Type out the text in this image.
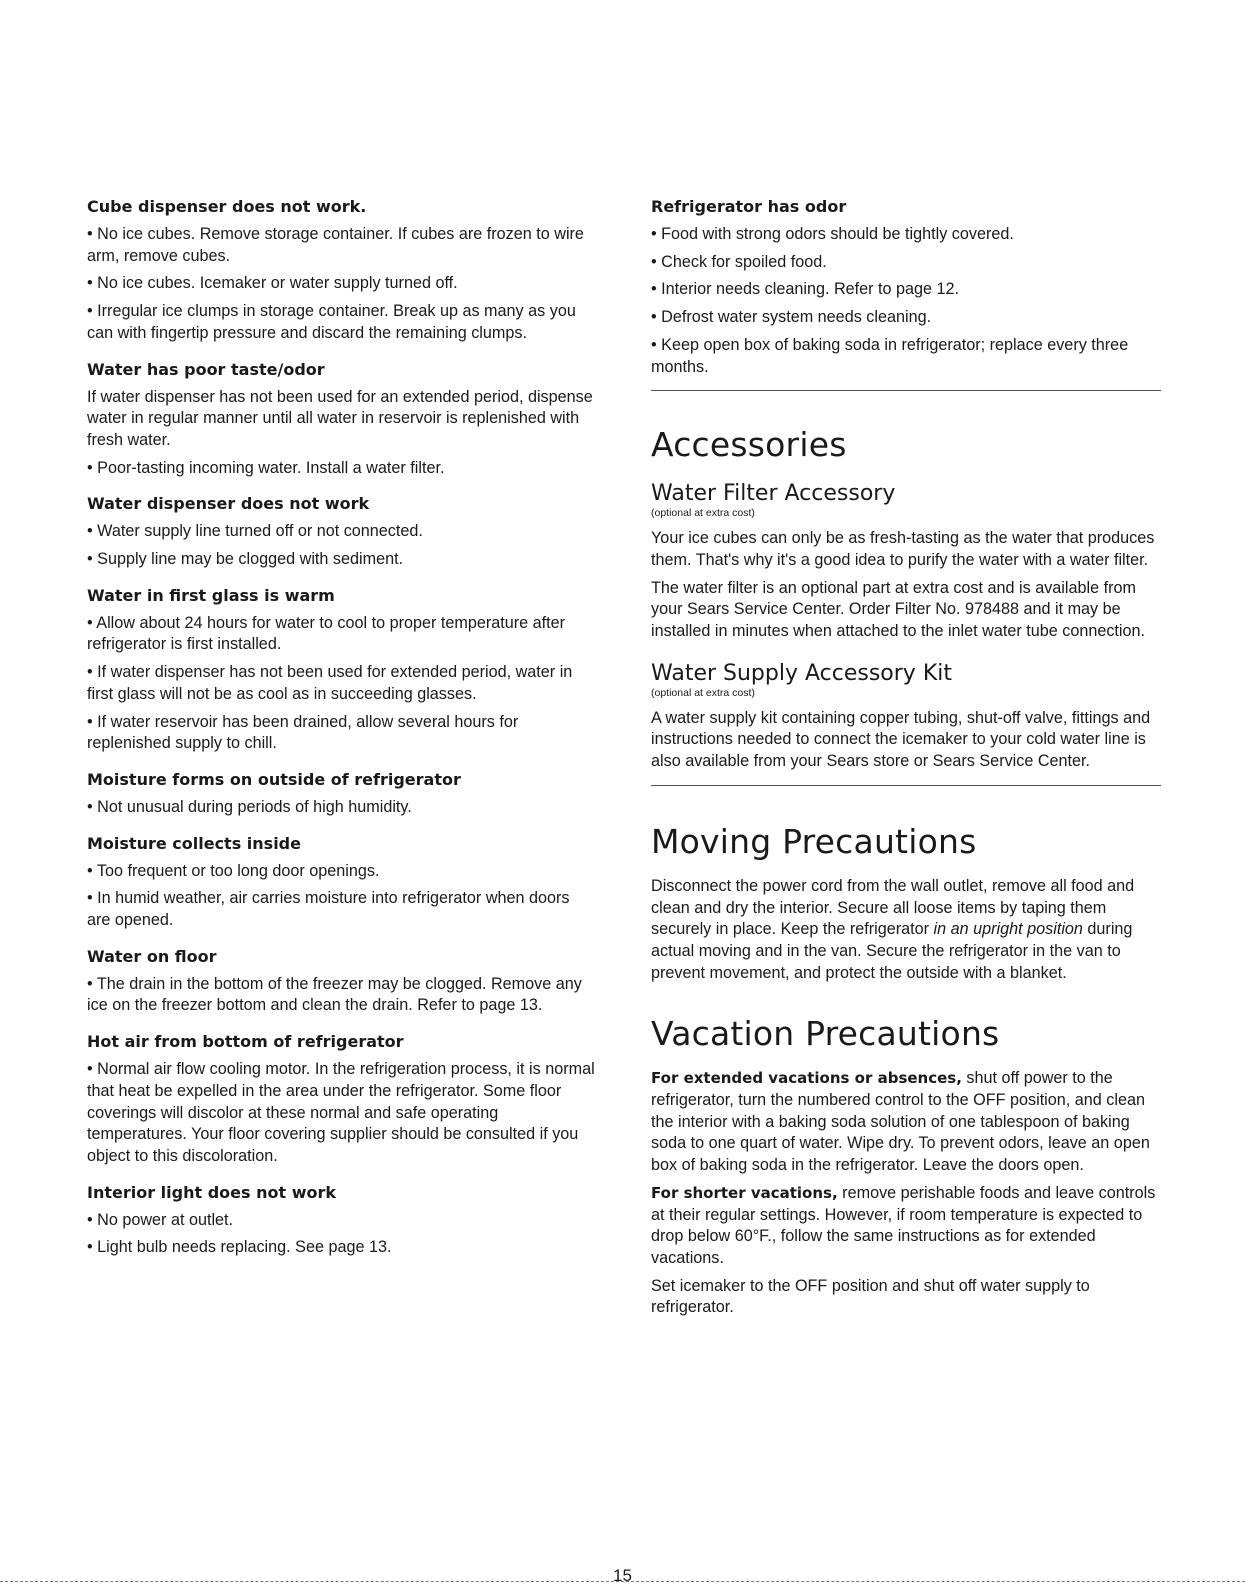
Cube dispenser does not work.
• No ice cubes. Remove storage container. If cubes are frozen to wire arm, remove cubes.
• No ice cubes. Icemaker or water supply turned off.
• Irregular ice clumps in storage container. Break up as many as you can with fingertip pressure and discard the remaining clumps.
Water has poor taste/odor
If water dispenser has not been used for an extended period, dispense water in regular manner until all water in reservoir is replenished with fresh water.
• Poor-tasting incoming water. Install a water filter.
Water dispenser does not work
• Water supply line turned off or not connected.
• Supply line may be clogged with sediment.
Water in first glass is warm
• Allow about 24 hours for water to cool to proper temperature after refrigerator is first installed.
• If water dispenser has not been used for extended period, water in first glass will not be as cool as in succeeding glasses.
• If water reservoir has been drained, allow several hours for replenished supply to chill.
Moisture forms on outside of refrigerator
• Not unusual during periods of high humidity.
Moisture collects inside
• Too frequent or too long door openings.
• In humid weather, air carries moisture into refrigerator when doors are opened.
Water on floor
• The drain in the bottom of the freezer may be clogged. Remove any ice on the freezer bottom and clean the drain. Refer to page 13.
Hot air from bottom of refrigerator
• Normal air flow cooling motor. In the refrigeration process, it is normal that heat be expelled in the area under the refrigerator. Some floor coverings will discolor at these normal and safe operating temperatures. Your floor covering supplier should be consulted if you object to this discoloration.
Interior light does not work
• No power at outlet.
• Light bulb needs replacing. See page 13.
Refrigerator has odor
• Food with strong odors should be tightly covered.
• Check for spoiled food.
• Interior needs cleaning. Refer to page 12.
• Defrost water system needs cleaning.
• Keep open box of baking soda in refrigerator; replace every three months.
Accessories
Water Filter Accessory
(optional at extra cost)
Your ice cubes can only be as fresh-tasting as the water that produces them. That's why it's a good idea to purify the water with a water filter.
The water filter is an optional part at extra cost and is available from your Sears Service Center. Order Filter No. 978488 and it may be installed in minutes when attached to the inlet water tube connection.
Water Supply Accessory Kit
(optional at extra cost)
A water supply kit containing copper tubing, shut-off valve, fittings and instructions needed to connect the icemaker to your cold water line is also available from your Sears store or Sears Service Center.
Moving Precautions
Disconnect the power cord from the wall outlet, remove all food and clean and dry the interior. Secure all loose items by taping them securely in place. Keep the refrigerator in an upright position during actual moving and in the van. Secure the refrigerator in the van to prevent movement, and protect the outside with a blanket.
Vacation Precautions
For extended vacations or absences, shut off power to the refrigerator, turn the numbered control to the OFF position, and clean the interior with a baking soda solution of one tablespoon of baking soda to one quart of water. Wipe dry. To prevent odors, leave an open box of baking soda in the refrigerator. Leave the doors open.
For shorter vacations, remove perishable foods and leave controls at their regular settings. However, if room temperature is expected to drop below 60°F., follow the same instructions as for extended vacations.
Set icemaker to the OFF position and shut off water supply to refrigerator.
15
